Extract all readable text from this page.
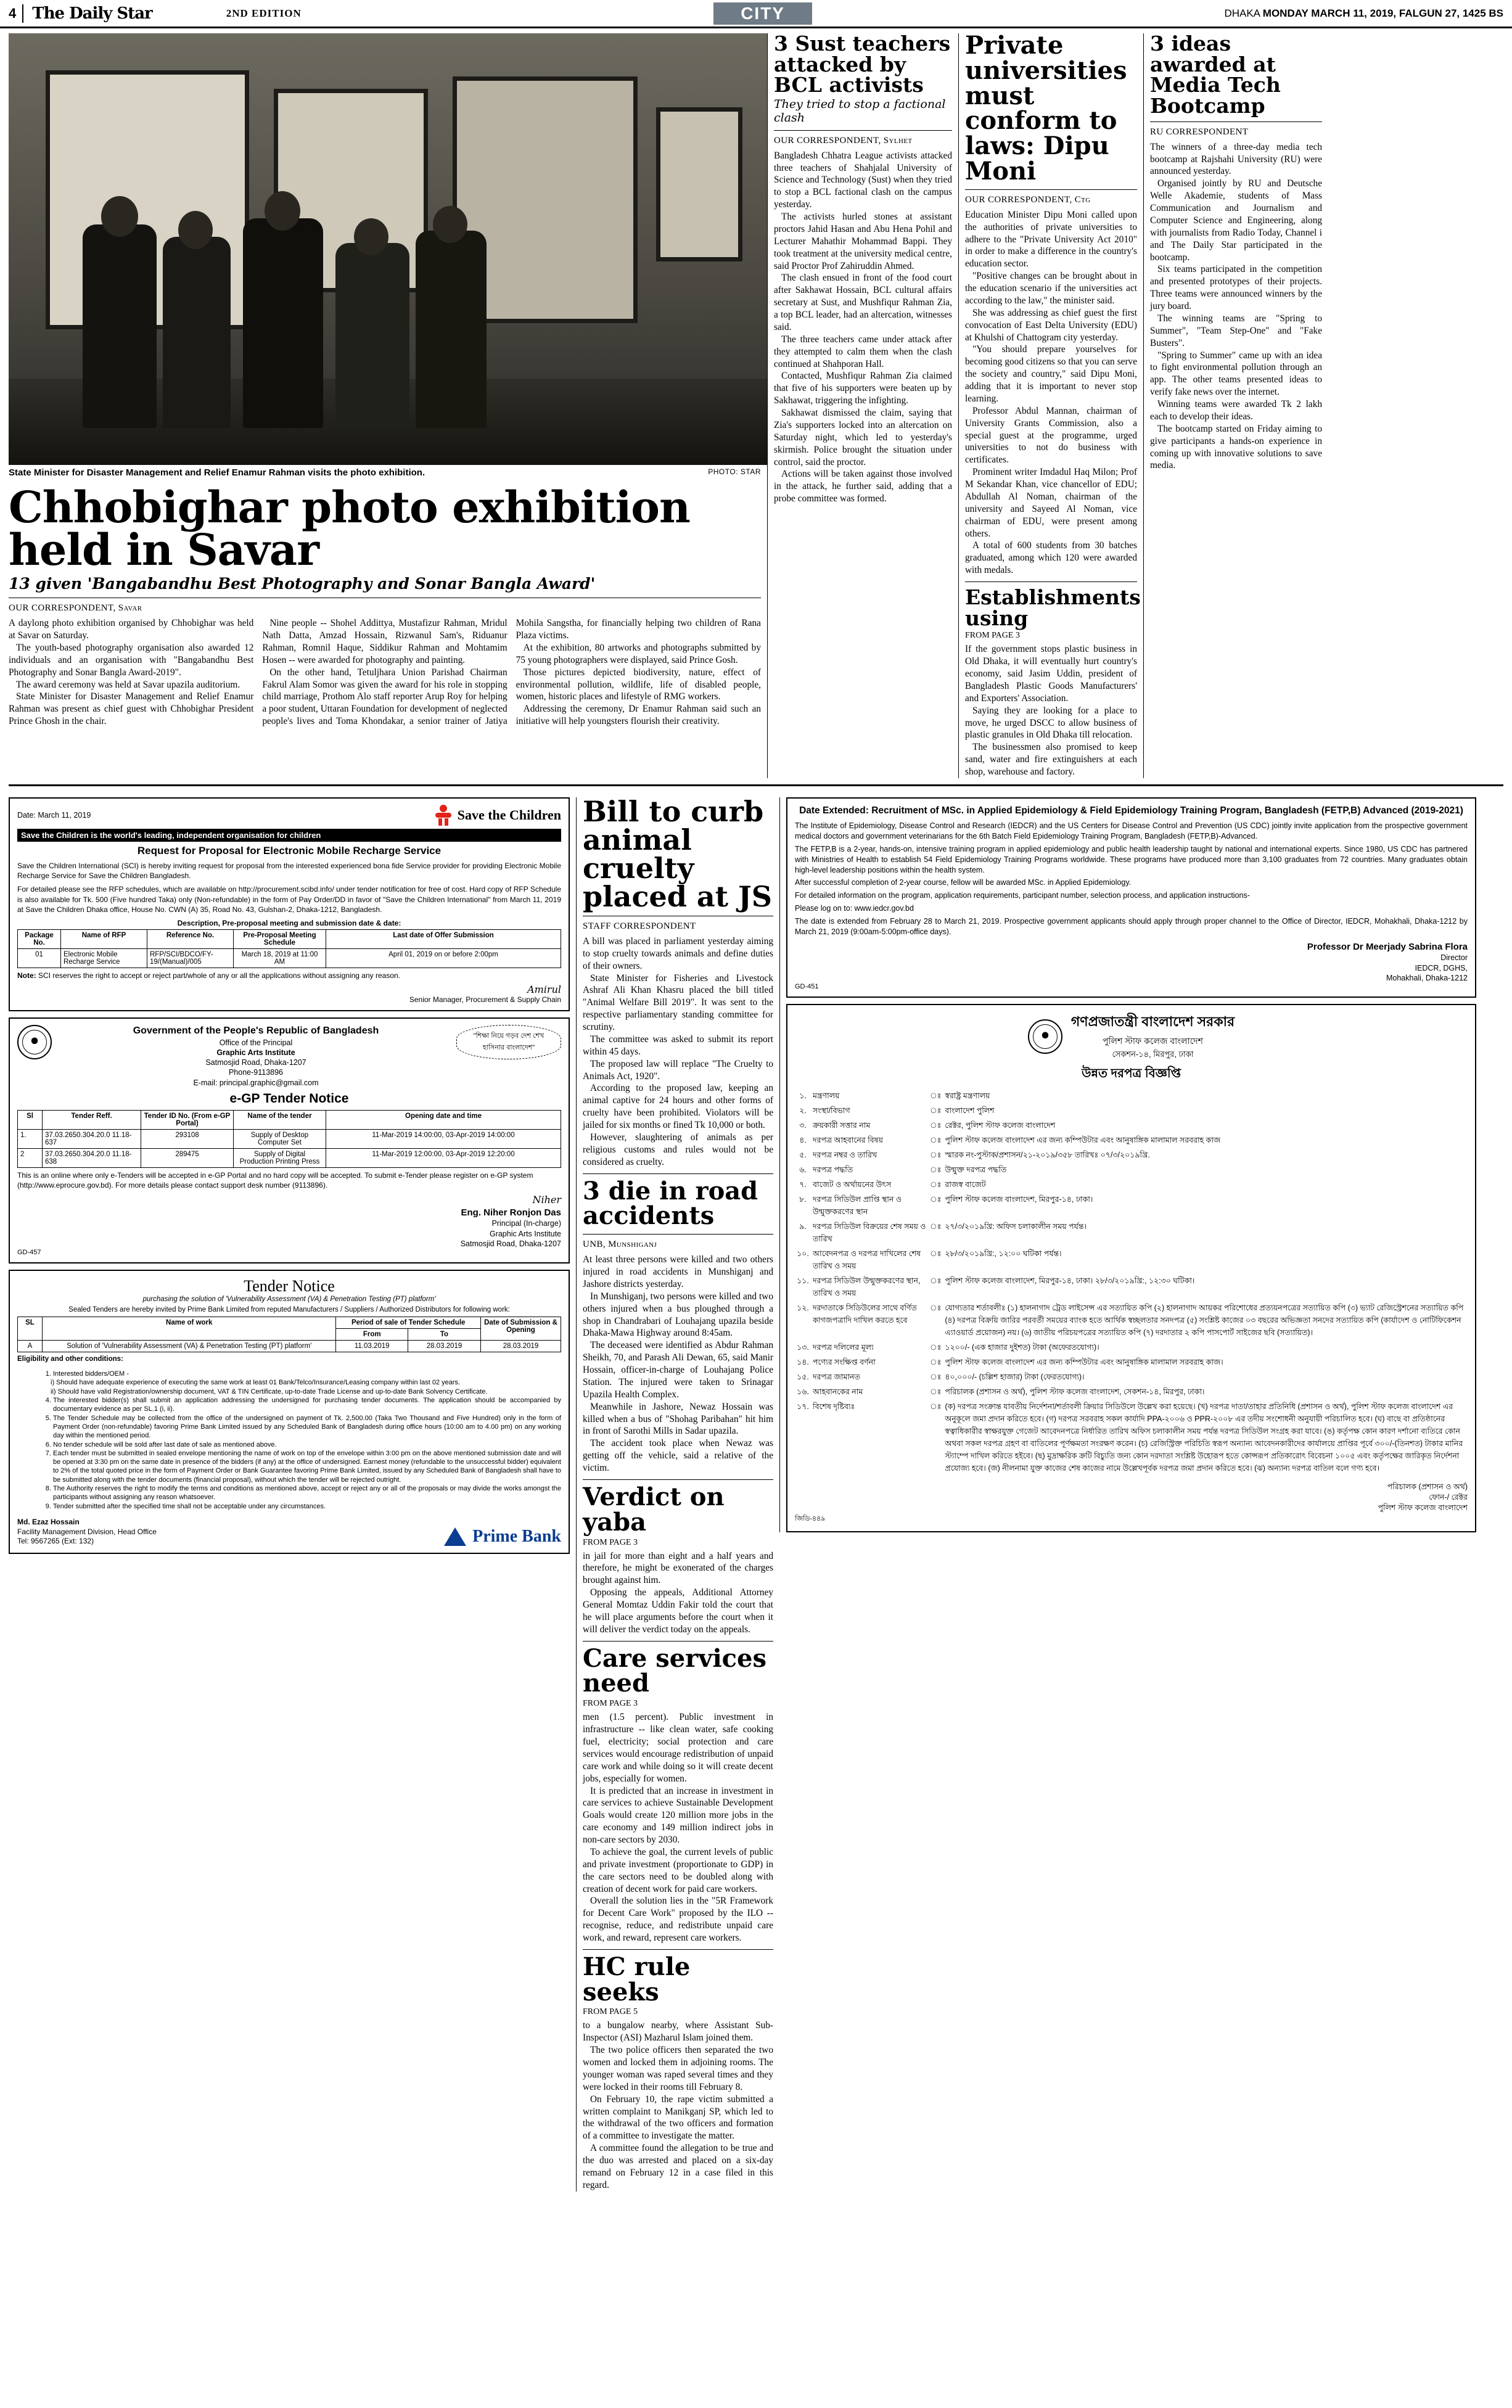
4	The Daily Star	2ND EDITION	CITY	DHAKA MONDAY MARCH 11, 2019, FALGUN 27, 1425 BS
State Minister for Disaster Management and Relief Enamur Rahman visits the photo exhibition.	PHOTO: STAR
Chhobighar photo exhibition held in Savar
13 given 'Bangabandhu Best Photography and Sonar Bangla Award'
OUR CORRESPONDENT, Savar

A daylong photo exhibition organised by Chhobighar was held at Savar on Saturday.

The youth-based photography organisation also awarded 12 individuals and an organisation with "Bangabandhu Best Photography and Sonar Bangla Award-2019".

The award ceremony was held at Savar upazila auditorium.

State Minister for Disaster Management and Relief Enamur Rahman was present as chief guest with Chhobighar President Prince Ghosh in the chair.

Nine people -- Shohel Addittya, Mustafizur Rahman, Mridul Nath Datta, Amzad Hossain, Rizwanul Sam's, Riduanur Rahman, Romnil Haque, Siddikur Rahman and Mohtamim Hosen -- were awarded for photography and painting.

On the other hand, Tetuljhara Union Parishad Chairman Fakrul Alam Somor was given the award for his role in stopping child marriage, Prothom Alo staff reporter Arup Roy for helping a poor student, Uttaran Foundation for development of neglected people's lives and Toma Khondakar, a senior trainer of Jatiya Mohila Sangstha, for financially helping two children of Rana Plaza victims.

At the exhibition, 80 artworks and photographs submitted by 75 young photographers were displayed, said Prince Gosh.

Those pictures depicted biodiversity, nature, effect of environmental pollution, wildlife, life of disabled people, women, historic places and lifestyle of RMG workers.

Addressing the ceremony, Dr Enamur Rahman said such an initiative will help youngsters flourish their creativity.

3 Sust teachers attacked by BCL activists
They tried to stop a factional clash
OUR CORRESPONDENT, Sylhet

Bangladesh Chhatra League activists attacked three teachers of Shahjalal University of Science and Technology (Sust) when they tried to stop a BCL factional clash on the campus yesterday.

The activists hurled stones at assistant proctors Jahid Hasan and Abu Hena Pohil and Lecturer Mahathir Mohammad Bappi. They took treatment at the university medical centre, said Proctor Prof Zahiruddin Ahmed.

The clash ensued in front of the food court after Sakhawat Hossain, BCL cultural affairs secretary at Sust, and Mushfiqur Rahman Zia, a top BCL leader, had an altercation, witnesses said.

The three teachers came under attack after they attempted to calm them when the clash continued at Shahporan Hall.

Contacted, Mushfiqur Rahman Zia claimed that five of his supporters were beaten up by Sakhawat, triggering the infighting.

Sakhawat dismissed the claim, saying that Zia's supporters locked into an altercation on Saturday night, which led to yesterday's skirmish. Police brought the situation under control, said the proctor.

Actions will be taken against those involved in the attack, he further said, adding that a probe committee was formed.

Private universities must conform to laws: Dipu Moni
OUR CORRESPONDENT, Ctg

Education Minister Dipu Moni called upon the authorities of private universities to adhere to the "Private University Act 2010" in order to make a difference in the country's education sector.

"Positive changes can be brought about in the education scenario if the universities act according to the law," the minister said.

She was addressing as chief guest the first convocation of East Delta University (EDU) at Khulshi of Chattogram city yesterday.

"You should prepare yourselves for becoming good citizens so that you can serve the society and country," said Dipu Moni, adding that it is important to never stop learning.

Professor Abdul Mannan, chairman of University Grants Commission, also a special guest at the programme, urged universities to not do business with certificates.

Prominent writer Imdadul Haq Milon; Prof M Sekandar Khan, vice chancellor of EDU; Abdullah Al Noman, chairman of the university and Sayeed Al Noman, vice chairman of EDU, were present among others.

A total of 600 students from 30 batches graduated, among which 120 were awarded with medals.

Establishments using
FROM PAGE 3

If the government stops plastic business in Old Dhaka, it will eventually hurt country's economy, said Jasim Uddin, president of Bangladesh Plastic Goods Manufacturers' and Exporters' Association.

Saying they are looking for a place to move, he urged DSCC to allow business of plastic granules in Old Dhaka till relocation.

The businessmen also promised to keep sand, water and fire extinguishers at each shop, warehouse and factory.

3 ideas awarded at Media Tech Bootcamp
RU CORRESPONDENT

The winners of a three-day media tech bootcamp at Rajshahi University (RU) were announced yesterday.

Organised jointly by RU and Deutsche Welle Akademie, students of Mass Communication and Journalism and Computer Science and Engineering, along with journalists from Radio Today, Channel i and The Daily Star participated in the bootcamp.

Six teams participated in the competition and presented prototypes of their projects. Three teams were announced winners by the jury board.

The winning teams are "Spring to Summer", "Team Step-One" and "Fake Busters".

"Spring to Summer" came up with an idea to fight environmental pollution through an app. The other teams presented ideas to verify fake news over the internet.

Winning teams were awarded Tk 2 lakh each to develop their ideas.

The bootcamp started on Friday aiming to give participants a hands-on experience in coming up with innovative solutions to save media.

Date: March 11, 2019	Save the Children
Save the Children is the world's leading, independent organisation for children
Request for Proposal for Electronic Mobile Recharge Service
Save the Children International (SCI) is hereby inviting request for proposal from the interested experienced bona fide Service provider for providing Electronic Mobile Recharge Service for Save the Children Bangladesh.
For detailed please see the RFP schedules, which are available on http://procurement.scibd.info/ under tender notification for free of cost. Hard copy of RFP Schedule is also available for Tk. 500 (Five hundred Taka) only (Non-refundable) in the form of Pay Order/DD in favor of "Save the Children International" from March 11, 2019 at Save the Children Dhaka office, House No. CWN (A) 35, Road No. 43, Gulshan-2, Dhaka-1212, Bangladesh.
Description, Pre-proposal meeting and submission date & date:
Package No.	Name of RFP	Reference No.	Pre-Proposal Meeting Schedule	Last date of Offer Submission
01	Electronic Mobile Recharge Service	RFP/SCI/BDCO/FY-19/(Manual)/005	March 18, 2019 at 11:00 AM	April 01, 2019 on or before 2:00pm
Note: SCI reserves the right to accept or reject part/whole of any or all the applications without assigning any reason.
Amirul
Senior Manager, Procurement & Supply Chain
Government of the People's Republic of Bangladesh
Office of the Principal
Graphic Arts Institute
Satmosjid Road, Dhaka-1207
Phone-9113896
E-mail: principal.graphic@gmail.com
"শিক্ষা নিয়ে গড়ব দেশ শেখ হাসিনার বাংলাদেশ"
e-GP Tender Notice
Sl	Tender Reff.	Tender ID No. (From e-GP Portal)	Name of the tender	Opening date and time
1.	37.03.2650.304.20.0 11.18-637	293108	Supply of Desktop Computer Set	11-Mar-2019 14:00:00, 03-Apr-2019 14:00:00
2	37.03.2650.304.20.0 11.18-638	289475	Supply of Digital Production Printing Press	11-Mar-2019 12:00:00, 03-Apr-2019 12:20:00
This is an online where only e-Tenders will be accepted in e-GP Portal and no hard copy will be accepted. To submit e-Tender please register on e-GP system (http://www.eprocure.gov.bd). For more details please contact support desk number (9113896).
Niher
Eng. Niher Ronjon Das
Principal (In-charge)
Graphic Arts Institute
Satmosjid Road, Dhaka-1207
GD-457
Tender Notice
purchasing the solution of 'Vulnerability Assessment (VA) & Penetration Testing (PT) platform'
Sealed Tenders are hereby invited by Prime Bank Limited from reputed Manufacturers / Suppliers / Authorized Distributors for following work:
SL	Name of work	Period of sale of Tender Schedule		Date of Submission & Opening
		From	To	
A	Solution of 'Vulnerability Assessment (VA) & Penetration Testing (PT) platform'	11.03.2019	28.03.2019	28.03.2019
Eligibility and other conditions:
1. Interested bidders/OEM -
i) Should have adequate experience of executing the same work at least 01 Bank/Telco/Insurance/Leasing company within last 02 years.
ii) Should have valid Registration/ownership document, VAT & TIN Certificate, up-to-date Trade License and up-to-date Bank Solvency Certificate.
4. The interested bidder(s) shall submit an application addressing the undersigned for purchasing tender documents. The application should be accompanied by documentary evidence as per SL.1 (i, ii).
5. The Tender Schedule may be collected from the office of the undersigned on payment of Tk. 2,500.00 (Taka Two Thousand and Five Hundred) only in the form of Payment Order (non-refundable) favoring Prime Bank Limited issued by any Scheduled Bank of Bangladesh during office hours (10:00 am to 4.00 pm) on any working day within the mentioned period.
6. No tender schedule will be sold after last date of sale as mentioned above.
7. Each tender must be submitted in sealed envelope mentioning the name of work on top of the envelope within 3:00 pm on the above mentioned submission date and will be opened at 3:30 pm on the same date in presence of the bidders (if any) at the office of undersigned. Earnest money (refundable to the unsuccessful bidder) equivalent to 2% of the total quoted price in the form of Payment Order or Bank Guarantee favoring Prime Bank Limited, issued by any Scheduled Bank of Bangladesh shall have to be submitted along with the tender documents (financial proposal), without which the tender will be rejected outright.
8. The Authority reserves the right to modify the terms and conditions as mentioned above, accept or reject any or all of the proposals or may divide the works amongst the participants without assigning any reason whatsoever.
9. Tender submitted after the specified time shall not be acceptable under any circumstances.
Md. Ezaz Hossain
Facility Management Division, Head Office
Tel: 9567265 (Ext: 132)	Prime Bank
Bill to curb animal cruelty placed at JS
STAFF CORRESPONDENT

A bill was placed in parliament yesterday aiming to stop cruelty towards animals and define duties of their owners.

State Minister for Fisheries and Livestock Ashraf Ali Khan Khasru placed the bill titled "Animal Welfare Bill 2019". It was sent to the respective parliamentary standing committee for scrutiny.

The committee was asked to submit its report within 45 days.

The proposed law will replace "The Cruelty to Animals Act, 1920".

According to the proposed law, keeping an animal captive for 24 hours and other forms of cruelty have been prohibited. Violators will be jailed for six months or fined Tk 10,000 or both.

However, slaughtering of animals as per religious customs and rules would not be considered as cruelty.

3 die in road accidents
UNB, Munshiganj

At least three persons were killed and two others injured in road accidents in Munshiganj and Jashore districts yesterday.

In Munshiganj, two persons were killed and two others injured when a bus ploughed through a shop in Chandrabari of Louhajang upazila beside Dhaka-Mawa Highway around 8:45am.

The deceased were identified as Abdur Rahman Sheikh, 70, and Parash Ali Dewan, 65, said Manir Hossain, officer-in-charge of Louhajang Police Station. The injured were taken to Srinagar Upazila Health Complex.

Meanwhile in Jashore, Newaz Hossain was killed when a bus of "Shohag Paribahan" hit him in front of Sarothi Mills in Sadar upazila.

The accident took place when Newaz was getting off the vehicle, said a relative of the victim.

Verdict on yaba
FROM PAGE 3

in jail for more than eight and a half years and therefore, he might be exonerated of the charges brought against him.

Opposing the appeals, Additional Attorney General Momtaz Uddin Fakir told the court that he will place arguments before the court when it will deliver the verdict today on the appeals.

Care services need
FROM PAGE 3

men (1.5 percent). Public investment in infrastructure -- like clean water, safe cooking fuel, electricity; social protection and care services would encourage redistribution of unpaid care work and while doing so it will create decent jobs, especially for women.

It is predicted that an increase in investment in care services to achieve Sustainable Development Goals would create 120 million more jobs in the care economy and 149 million indirect jobs in non-care sectors by 2030.

To achieve the goal, the current levels of public and private investment (proportionate to GDP) in the care sectors need to be doubled along with creation of decent work for paid care workers.

Overall the solution lies in the "5R Framework for Decent Care Work" proposed by the ILO -- recognise, reduce, and redistribute unpaid care work, and reward, represent care workers.

HC rule seeks
FROM PAGE 5

to a bungalow nearby, where Assistant Sub-Inspector (ASI) Mazharul Islam joined them.

The two police officers then separated the two women and locked them in adjoining rooms. The younger woman was raped several times and they were locked in their rooms till February 8.

On February 10, the rape victim submitted a written complaint to Manikganj SP, which led to the withdrawal of the two officers and formation of a committee to investigate the matter.

A committee found the allegation to be true and the duo was arrested and placed on a six-day remand on February 12 in a case filed in this regard.

Date Extended: Recruitment of MSc. in Applied Epidemiology & Field Epidemiology Training Program, Bangladesh (FETP,B) Advanced (2019-2021)
The Institute of Epidemiology, Disease Control and Research (IEDCR) and the US Centers for Disease Control and Prevention (US CDC) jointly invite application from the prospective government medical doctors and government veterinarians for the 6th Batch Field Epidemiology Training Program, Bangladesh (FETP,B)-Advanced.
The FETP,B is a 2-year, hands-on, intensive training program in applied epidemiology and public health leadership taught by national and international experts. Since 1980, US CDC has partnered with Ministries of Health to establish 54 Field Epidemiology Training Programs worldwide. These programs have produced more than 3,100 graduates from 72 countries. Many graduates obtain high-level leadership positions within the health system.
After successful completion of 2-year course, fellow will be awarded MSc. in Applied Epidemiology.
For detailed information on the program, application requirements, participant number, selection process, and application instructions-
Please log on to: www.iedcr.gov.bd
The date is extended from February 28 to March 21, 2019. Prospective government applicants should apply through proper channel to the Office of Director, IEDCR, Mohakhali, Dhaka-1212 by March 21, 2019 (9:00am-5:00pm-office days).
Professor Dr Meerjady Sabrina Flora
Director
IEDCR, DGHS,
Mohakhali, Dhaka-1212
GD-451
গণপ্রজাতন্ত্রী বাংলাদেশ সরকার
পুলিশ স্টাফ কলেজ বাংলাদেশ
সেকশন-১৪, মিরপুর, ঢাকা
উন্নত দরপত্র বিজ্ঞপ্তি
১.	মন্ত্রণালয়	ঃ	স্বরাষ্ট্র মন্ত্রণালয়
২.	সংস্থা/বিভাগ	ঃ	বাংলাদেশ পুলিশ
৩.	ক্রয়কারী সত্তার নাম	ঃ	রেক্টর, পুলিশ স্টাফ কলেজ বাংলাদেশ
৪.	দরপত্র আহবানের বিষয়	ঃ	পুলিশ স্টাফ কলেজ বাংলাদেশ এর জন্য কম্পিউটার এবং আনুষাঙ্গিক মালামাল সরবরাহ কাজ
৫.	দরপত্র নম্বর ও তারিখ	ঃ	স্মারক নং-পুস্টাক/প্রশাসন/২১-২০১৯/৩৫৮ তারিখঃ ০৭/৩/২০১৯খ্রি.
৬.	দরপত্র পদ্ধতি	ঃ	উন্মুক্ত দরপত্র পদ্ধতি
৭.	বাজেট ও অর্থায়নের উৎস	ঃ	রাজস্ব বাজেট
৮.	দরপত্র সিডিউল প্রাপ্তি স্থান ও উন্মুক্তকরণের স্থান	ঃ	পুলিশ স্টাফ কলেজ বাংলাদেশ, মিরপুর-১৪, ঢাকা।
৯.	দরপত্র সিডিউল বিক্রয়ের শেষ সময় ও তারিখ	ঃ	২৭/৩/২০১৯খ্রি: অফিস চলাকালীন সময় পর্যন্ত।
১০.	আবেদনপত্র ও দরপত্র দাখিলের শেষ তারিখ ও সময়	ঃ	২৮/৩/২০১৯খ্রি:, ১২:০০ ঘটিকা পর্যন্ত।
১১.	দরপত্র সিডিউল উন্মুক্তকরণের স্থান, তারিখ ও সময়	ঃ	পুলিশ স্টাফ কলেজ বাংলাদেশ, মিরপুর-১৪, ঢাকা। ২৮/৩/২০১৯খ্রি:, ১২:৩০ ঘটিকা।
১২.	দরদাতাকে সিডিউলের সাথে বর্ণিত কাগজপত্রাদি দাখিল করতে হবে	ঃ	যোগ্যতার শর্তাবলীঃ (১) হালনাগাদ ট্রেড লাইসেন্স এর সত্যায়িত কপি (২) হালনাগাদ আয়কর পরিশোধের প্রত্যয়নপত্রের সত্যায়িত কপি (৩) ভ্যাট রেজিস্ট্রেশনের সত্যায়িত কপি (৪) দরপত্র বিক্রয়ি জারির পরবর্তী সময়ের ব্যাংক হতে আর্থিক স্বচ্ছলতার সনদপত্র (৫) সংশ্লিষ্ট কাজের ০৩ বছরের অভিজ্ঞতা সনদের সত্যায়িত কপি (কার্যাদেশ ও নোটিফিকেশন এ্যাওয়ার্ড প্রয়োজন) নয়। (৬) জাতীয় পরিচয়পত্রের সত্যায়িত কপি (৭) দরদাতার ২ কপি পাসপোর্ট সাইজের ছবি (সত্যায়িত)।
১৩.	দরপত্র দলিলের মূল্য	ঃ	১২০০/- (এক হাজার দুইশত) টাকা (অফেরতযোগ্য)।
১৪.	পণ্যের সংক্ষিপ্ত বর্ণনা	ঃ	পুলিশ স্টাফ কলেজ বাংলাদেশ এর জন্য কম্পিউটার এবং আনুষাঙ্গিক মালামাল সরবরাহ কাজ।
১৫.	দরপত্র জামানত	ঃ	৪০,০০০/- (চল্লিশ হাজার) টাকা (ফেরতযোগ্য)।
১৬.	আহবানকের নাম	ঃ	পরিচালক (প্রশাসন ও অর্থ), পুলিশ স্টাফ কলেজ বাংলাদেশ, সেকশন-১৪, মিরপুর, ঢাকা।
১৭.	বিশেষ দৃষ্টিব্যঃ	ঃ	(ক) দরপত্র সংক্রান্ত যাবতীয় নির্দেশনা/শর্তাবলী ক্রিয়ার সিডিউলে উল্লেখ করা হয়েছে। (খ) দরপত্র দাতা/তাহার প্রতিনিধি (প্রশাসন ও অর্থ), পুলিশ স্টাফ কলেজ বাংলাদেশ এর অনুকূলে জমা প্রদান করিতে হবে। (গ) দরপত্র সরবরাহ সকল কার্যাদি PPA-২০০৬ ও PPR-২০০৮ এর তদীয় সংশোধনী অনুযায়ী পরিচালিত হবে। (ঘ) বাছে বা প্রতিষ্ঠানের স্বত্বাধিকারীর স্বাক্ষরযুক্ত গেজেট আবেদনপত্রে নির্ধারিত তারিখ অফিস চলাকালীন সময় পর্যন্ত দরপত্র সিডিউল সংগ্রহ করা যাবে। (ঙ) কর্তৃপক্ষ কোন কারণ দর্শানো ব্যতিরে কোন অথবা সকল দরপত্র গ্রহণ বা বাতিলের পূর্ণক্ষমতা সংরক্ষণ করেন। (চ) রেজিস্ট্রিক্ত পরিচিতি স্বরূপ অন্যান্য আবেদনকারীদের কার্যালয়ে প্রাপ্তির পূর্বে ৩০০/-(তিনশত) টাকার মানির স্ট্যাম্পে দাখিল করিতে হইবে। (ছ) মুদ্রাক্ষরিক ক্রটি বিচ্যুতি জন্য কোন দরদাতা সংশ্লিষ্ট উহোরূপ হতে কোন্সরূপ প্রতিকারোৎ বিবেচনা ১০০৫ এবং কর্তৃপক্ষের জারিকৃত নির্দেশনা প্রযোজ্য হবে। (জ) নীলনামা যুক্ত কাজের শেষ কাজের নামে উল্লেখপূর্বক দরপত্র জমা প্রদান করিতে হবে। (ঝ) অন্যান্য দরপত্র বাতিল বলে গণ্য হবে।
পরিচালক (প্রশাসন ও অর্থ)
ফোন-/ রেক্টর
পুলিশ স্টাফ কলেজ বাংলাদেশ
জিডি-৪৪৯
